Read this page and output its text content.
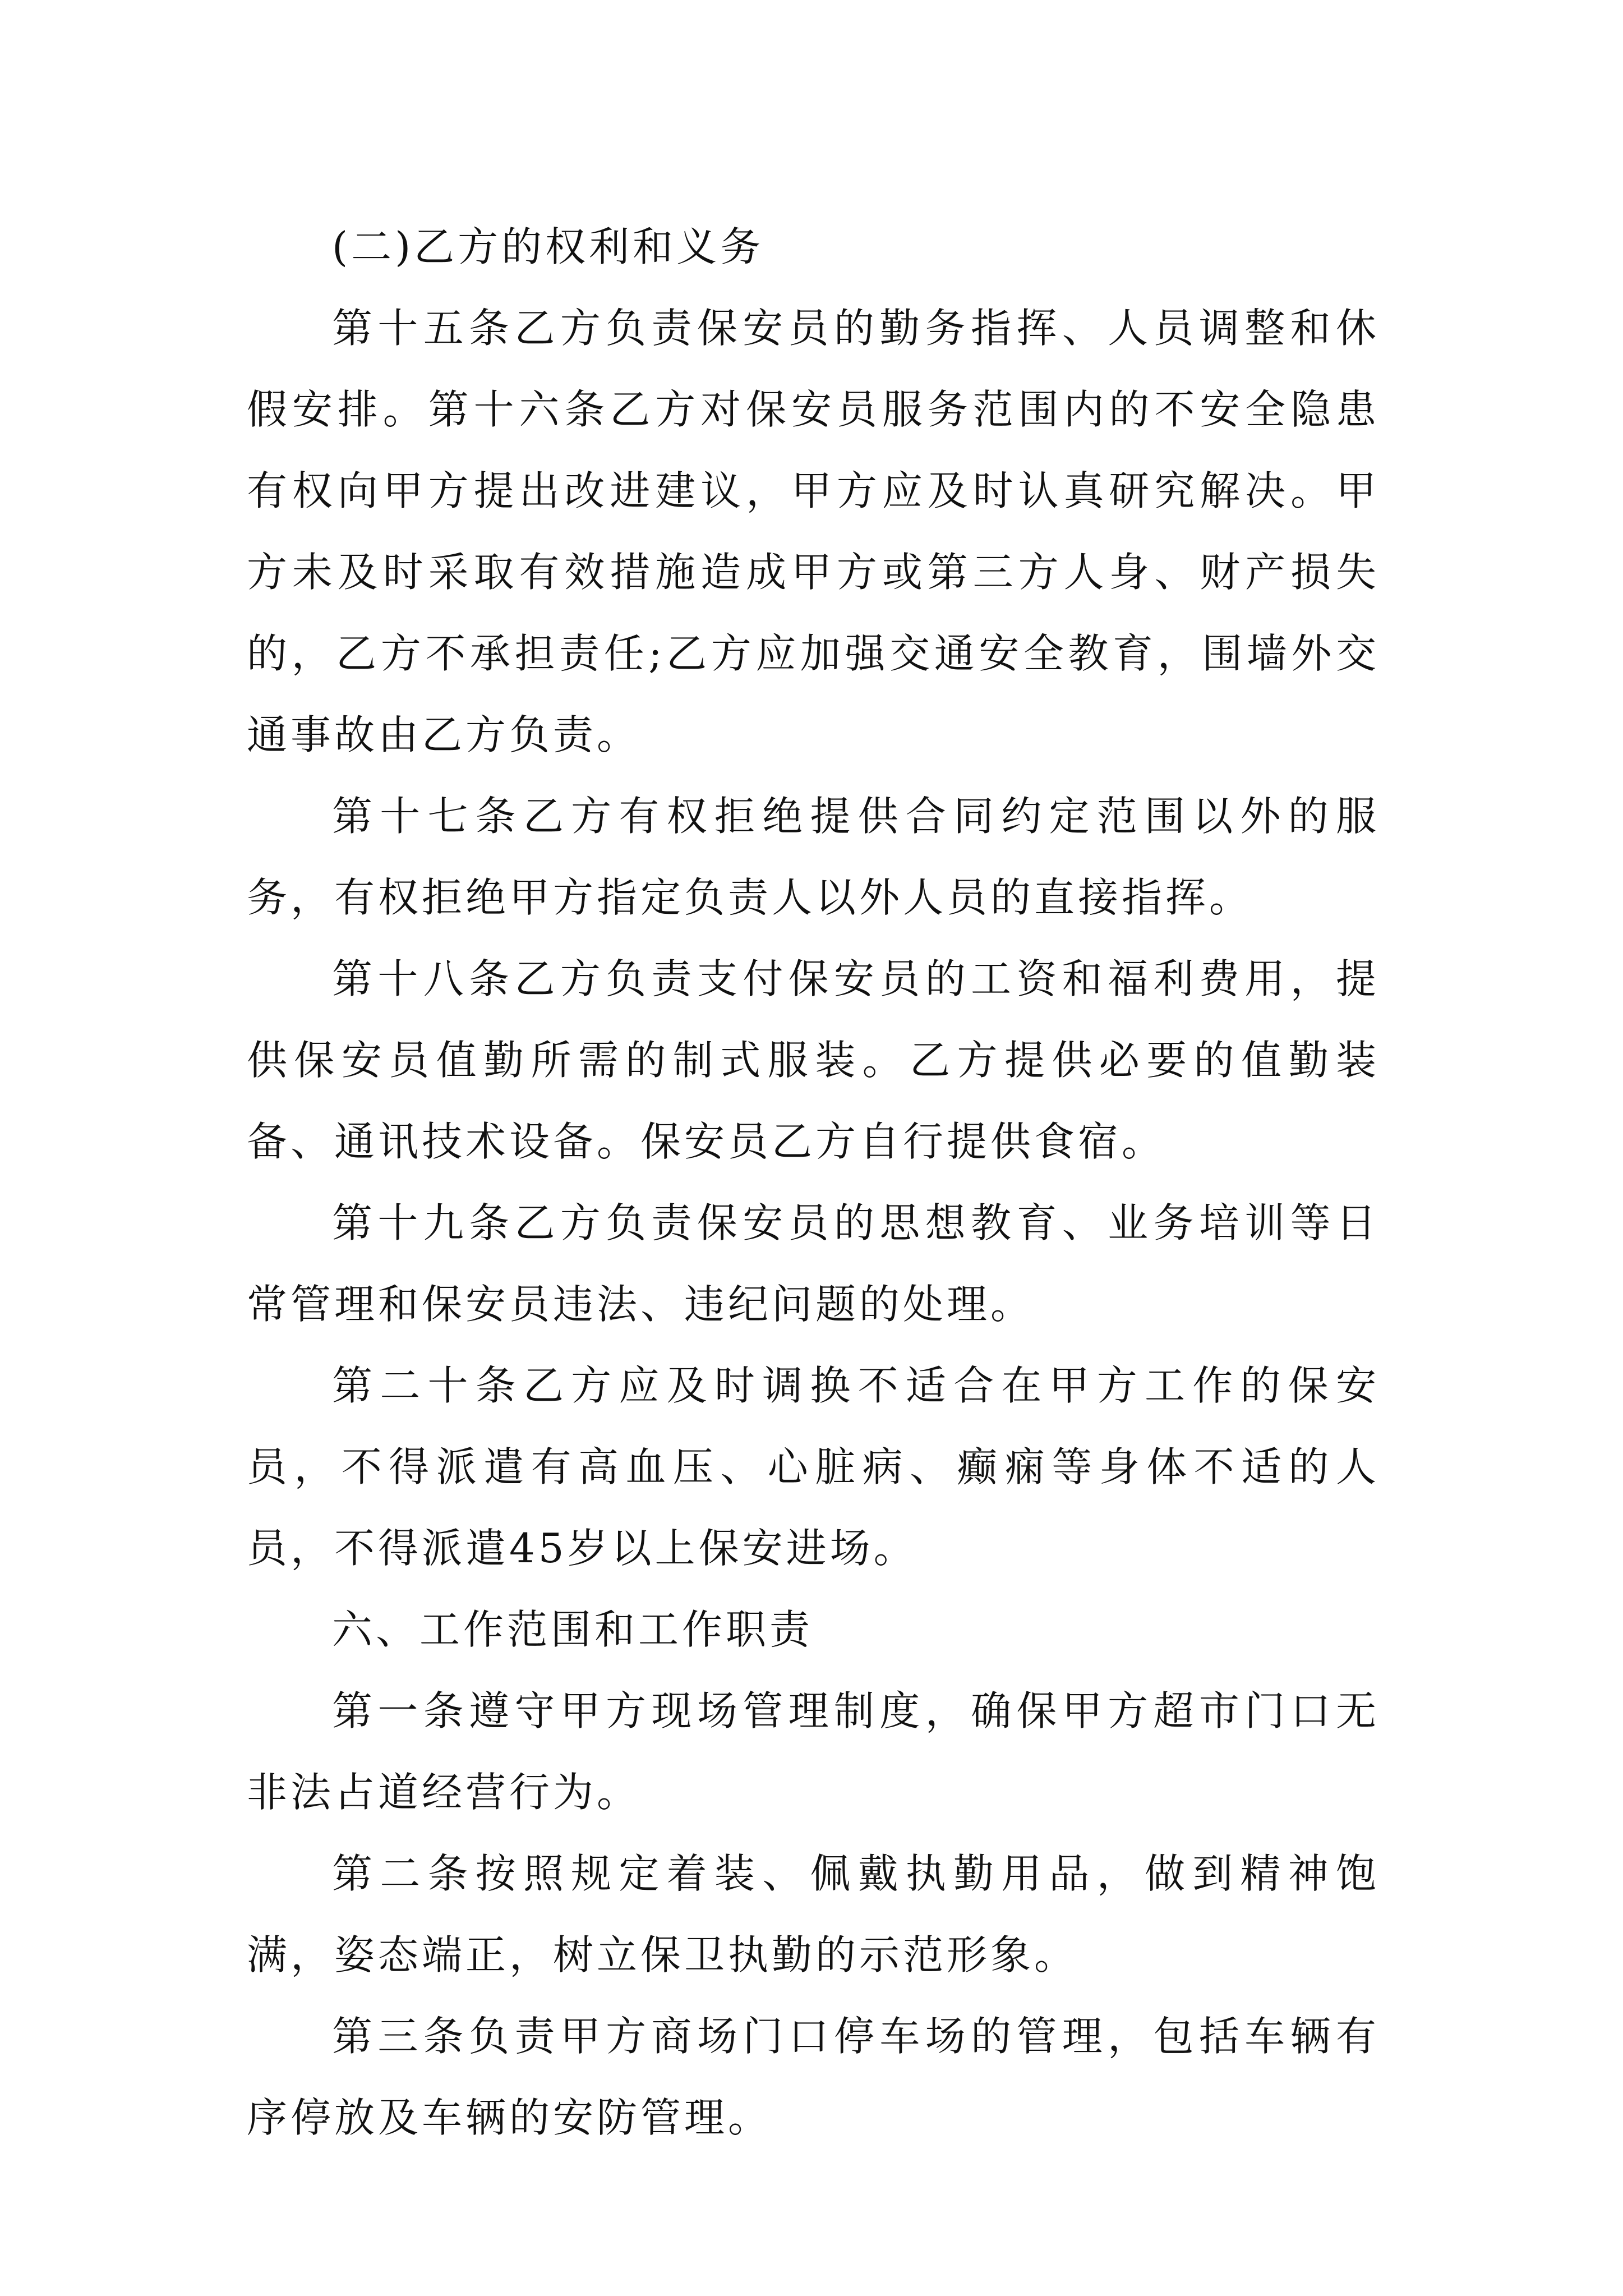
(二)乙方的权利和义务

第十五条乙方负责保安员的勤务指挥、人员调整和休假安排。第十六条乙方对保安员服务范围内的不安全隐患有权向甲方提出改进建议，甲方应及时认真研究解决。甲方未及时采取有效措施造成甲方或第三方人身、财产损失的，乙方不承担责任;乙方应加强交通安全教育，围墙外交通事故由乙方负责。

第十七条乙方有权拒绝提供合同约定范围以外的服务，有权拒绝甲方指定负责人以外人员的直接指挥。

第十八条乙方负责支付保安员的工资和福利费用，提供保安员值勤所需的制式服装。乙方提供必要的值勤装备、通讯技术设备。保安员乙方自行提供食宿。

第十九条乙方负责保安员的思想教育、业务培训等日常管理和保安员违法、违纪问题的处理。

第二十条乙方应及时调换不适合在甲方工作的保安员，不得派遣有高血压、心脏病、癫痫等身体不适的人员，不得派遣45岁以上保安进场。

六、工作范围和工作职责

第一条遵守甲方现场管理制度，确保甲方超市门口无非法占道经营行为。

第二条按照规定着装、佩戴执勤用品，做到精神饱满，姿态端正，树立保卫执勤的示范形象。

第三条负责甲方商场门口停车场的管理，包括车辆有序停放及车辆的安防管理。
